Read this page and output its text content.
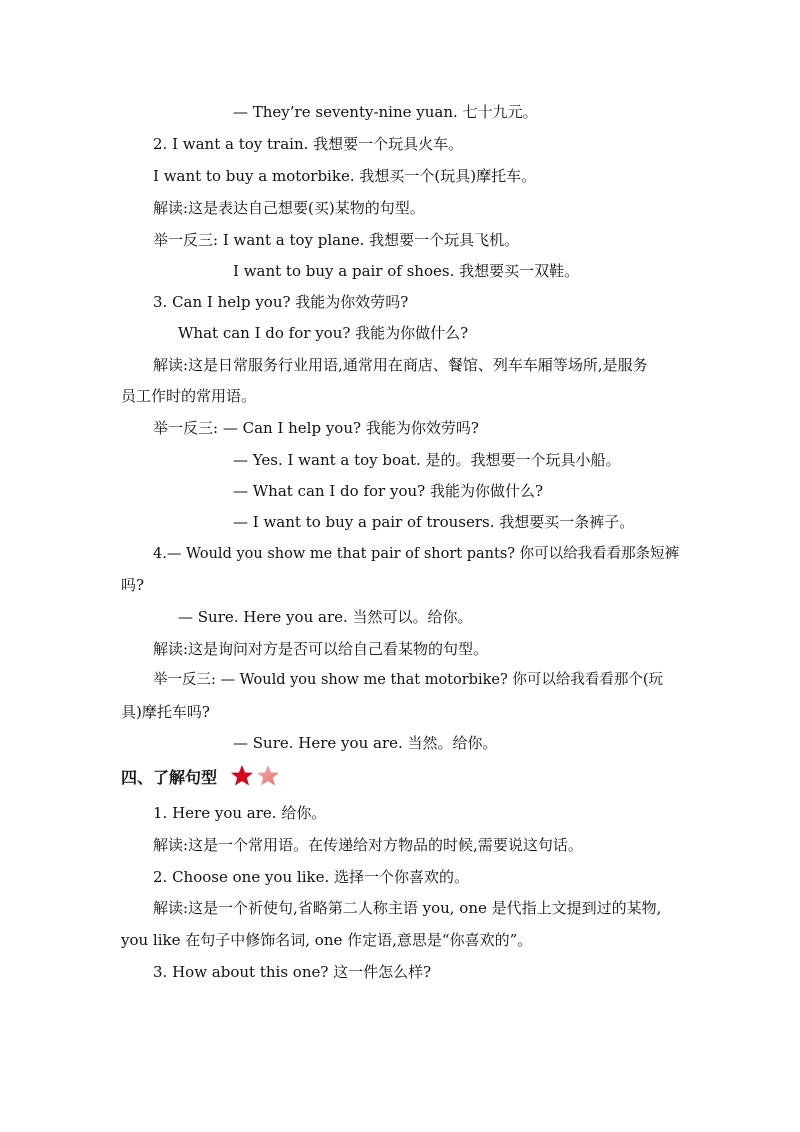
— They’re seventy-nine yuan. 七十九元。
2. I want a toy train. 我想要一个玩具火车。
I want to buy a motorbike. 我想买一个(玩具)摩托车。
解读:这是表达自己想要(买)某物的句型。
举一反三: I want a toy plane. 我想要一个玩具飞机。
I want to buy a pair of shoes. 我想要买一双鞋。
3. Can I help you? 我能为你效劳吗?
What can I do for you? 我能为你做什么?
解读:这是日常服务行业用语,通常用在商店、餐馆、列车车厢等场所,是服务
员工作时的常用语。
举一反三: — Can I help you? 我能为你效劳吗?
— Yes. I want a toy boat. 是的。我想要一个玩具小船。
— What can I do for you? 我能为你做什么?
— I want to buy a pair of trousers. 我想要买一条裤子。
4.— Would you show me that pair of short pants? 你可以给我看看那条短裤
吗?
— Sure. Here you are. 当然可以。给你。
解读:这是询问对方是否可以给自己看某物的句型。
举一反三: — Would you show me that motorbike? 你可以给我看看那个(玩
具)摩托车吗?
— Sure. Here you are. 当然。给你。
四、了解句型
1. Here you are. 给你。
解读:这是一个常用语。在传递给对方物品的时候,需要说这句话。
2. Choose one you like. 选择一个你喜欢的。
解读:这是一个祈使句,省略第二人称主语 you, one 是代指上文提到过的某物,
you like 在句子中修饰名词, one 作定语,意思是“你喜欢的”。
3. How about this one? 这一件怎么样?
